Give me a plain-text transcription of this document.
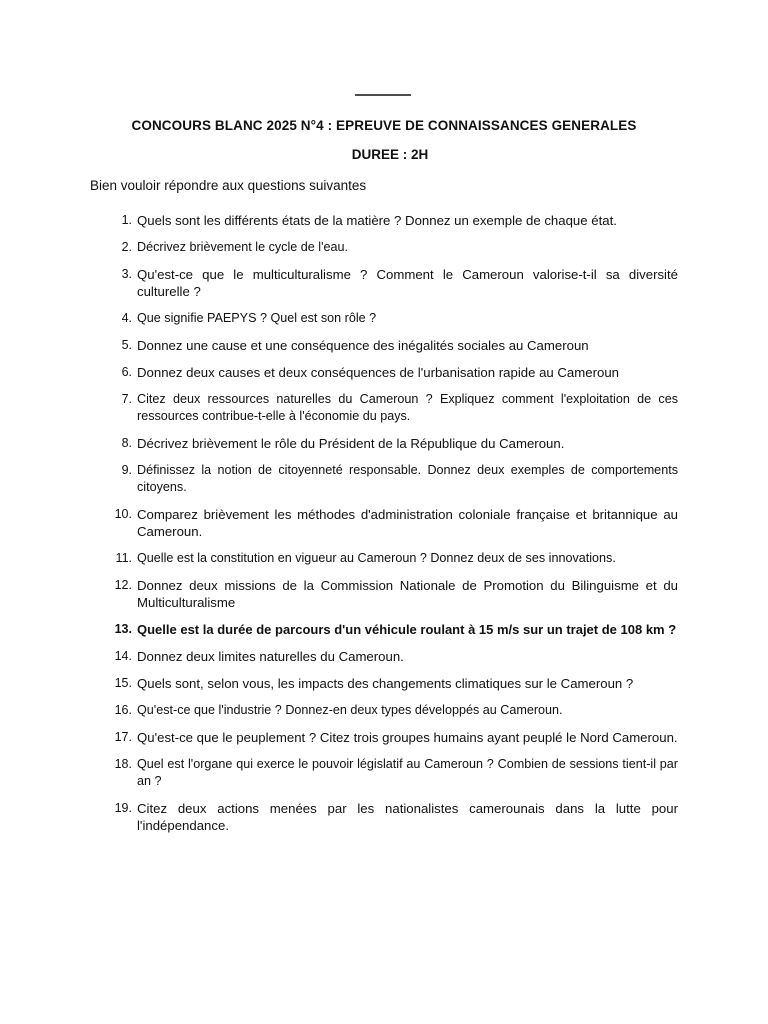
CONCOURS BLANC 2025 N°4 : EPREUVE DE CONNAISSANCES GENERALES
DUREE : 2H
Bien vouloir répondre aux questions suivantes
1. Quels sont les différents états de la matière ? Donnez un exemple de chaque état.
2. Décrivez brièvement le cycle de l'eau.
3. Qu'est-ce que le multiculturalisme ? Comment le Cameroun valorise-t-il sa diversité culturelle ?
4. Que signifie PAEPYS ? Quel est son rôle ?
5. Donnez une cause et une conséquence des inégalités sociales au Cameroun
6. Donnez deux causes et deux conséquences de l'urbanisation rapide au Cameroun
7. Citez deux ressources naturelles du Cameroun ? Expliquez comment l'exploitation de ces ressources contribue-t-elle à l'économie du pays.
8. Décrivez brièvement le rôle du Président de la République du Cameroun.
9. Définissez la notion de citoyenneté responsable. Donnez deux exemples de comportements citoyens.
10. Comparez brièvement les méthodes d'administration coloniale française et britannique au Cameroun.
11. Quelle est la constitution en vigueur au Cameroun ? Donnez deux de ses innovations.
12. Donnez deux missions de la Commission Nationale de Promotion du Bilinguisme et du Multiculturalisme
13. Quelle est la durée de parcours d'un véhicule roulant à 15 m/s sur un trajet de 108 km ?
14. Donnez deux limites naturelles du Cameroun.
15. Quels sont, selon vous, les impacts des changements climatiques sur le Cameroun ?
16. Qu'est-ce que l'industrie ? Donnez-en deux types développés au Cameroun.
17. Qu'est-ce que le peuplement ? Citez trois groupes humains ayant peuplé le Nord Cameroun.
18. Quel est l'organe qui exerce le pouvoir législatif au Cameroun ? Combien de sessions tient-il par an ?
19. Citez deux actions menées par les nationalistes camerounais dans la lutte pour l'indépendance.
